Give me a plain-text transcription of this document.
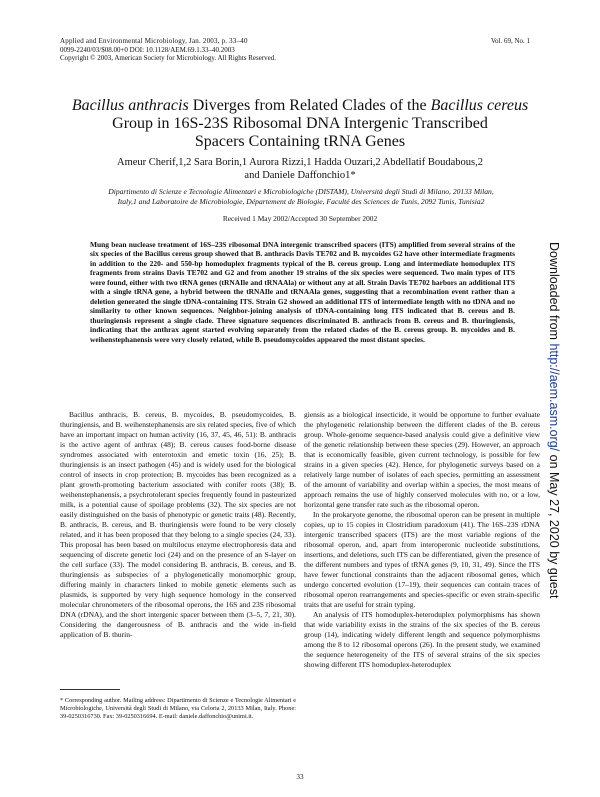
Applied and Environmental Microbiology, Jan. 2003, p. 33–40
0099-2240/03/$08.00+0 DOI: 10.1128/AEM.69.1.33–40.2003
Copyright © 2003, American Society for Microbiology. All Rights Reserved.
Vol. 69, No. 1
Bacillus anthracis Diverges from Related Clades of the Bacillus cereus
Group in 16S-23S Ribosomal DNA Intergenic Transcribed
Spacers Containing tRNA Genes
Ameur Cherif,1,2 Sara Borin,1 Aurora Rizzi,1 Hadda Ouzari,2 Abdellatif Boudabous,2
and Daniele Daffonchio1*
Dipartimento di Scienze e Tecnologie Alimentari e Microbiologiche (DISTAM), Università degli Studi di Milano, 20133 Milan,
Italy,1 and Laboratoire de Microbiologie, Département de Biologie, Faculté des Sciences de Tunis, 2092 Tunis, Tunisia2
Received 1 May 2002/Accepted 30 September 2002
Mung bean nuclease treatment of 16S–23S ribosomal DNA intergenic transcribed spacers (ITS) amplified from several strains of the six species of the Bacillus cereus group showed that B. anthracis Davis TE702 and B. mycoides G2 have other intermediate fragments in addition to the 220- and 550-bp homoduplex fragments typical of the B. cereus group. Long and intermediate homoduplex ITS fragments from strains Davis TE702 and G2 and from another 19 strains of the six species were sequenced. Two main types of ITS were found, either with two tRNA genes (tRNAIle and tRNAAla) or without any at all. Strain Davis TE702 harbors an additional ITS with a single tRNA gene, a hybrid between the tRNAIle and tRNAAla genes, suggesting that a recombination event rather than a deletion generated the single tDNA-containing ITS. Strain G2 showed an additional ITS of intermediate length with no tDNA and no similarity to other known sequences. Neighbor-joining analysis of tDNA-containing long ITS indicated that B. cereus and B. thuringiensis represent a single clade. Three signature sequences discriminated B. anthracis from B. cereus and B. thuringiensis, indicating that the anthrax agent started evolving separately from the related clades of the B. cereus group. B. mycoides and B. weihenstephanensis were very closely related, while B. pseudomycoides appeared the most distant species.

Bacillus anthracis, B. cereus, B. mycoides, B. pseudomycoides, B. thuringiensis, and B. weihenstephanensis are six related species, five of which have an important impact on human activity (16, 37, 45, 46, 51): B. anthracis is the active agent of anthrax (48); B. cereus causes food-borne disease syndromes associated with enterotoxin and emetic toxin (16, 25); B. thuringiensis is an insect pathogen (45) and is widely used for the biological control of insects in crop protection; B. mycoides has been recognized as a plant growth-promoting bacterium associated with conifer roots (38); B. weihenstephanensis, a psychrotolerant species frequently found in pasteurized milk, is a potential cause of spoilage problems (32). The six species are not easily distinguished on the basis of phenotypic or genetic traits (48). Recently, B. anthracis, B. cereus, and B. thuringiensis were found to be very closely related, and it has been proposed that they belong to a single species (24, 33). This proposal has been based on multilocus enzyme electrophoresis data and sequencing of discrete genetic loci (24) and on the presence of an S-layer on the cell surface (33). The model considering B. anthracis, B. cereus, and B. thuringiensis as subspecies of a phylogenetically monomorphic group, differing mainly in characters linked to mobile genetic elements such as plasmids, is supported by very high sequence homology in the conserved molecular chronometers of the ribosomal operons, the 16S and 23S ribosomal DNA (rDNA), and the short intergenic spacer between them (3–5, 7, 21, 30). Considering the dangerousness of B. anthracis and the wide in-field application of B. thurin-

giensis as a biological insecticide, it would be opportune to further evaluate the phylogenetic relationship between the different clades of the B. cereus group. Whole-genome sequence-based analysis could give a definitive view of the genetic relationship between these species (29). However, an approach that is economically feasible, given current technology, is possible for few strains in a given species (42). Hence, for phylogenetic surveys based on a relatively large number of isolates of each species, permitting an assessment of the amount of variability and overlap within a species, the most means of approach remains the use of highly conserved molecules with no, or a low, horizontal gene transfer rate such as the ribosomal operon.

In the prokaryote genome, the ribosomal operon can be present in multiple copies, up to 15 copies in Clostridium paradoxum (41). The 16S–23S rDNA intergenic transcribed spacers (ITS) are the most variable regions of the ribosomal operon, and, apart from interoperonic nucleotide substitutions, insertions, and deletions, such ITS can be differentiated, given the presence of the different numbers and types of tRNA genes (9, 10, 31, 49). Since the ITS have fewer functional constraints than the adjacent ribosomal genes, which undergo concerted evolution (17–19), their sequences can contain traces of ribosomal operon rearrangements and species-specific or even strain-specific traits that are useful for strain typing.

An analysis of ITS homoduplex-heteroduplex polymorphisms has shown that wide variability exists in the strains of the six species of the B. cereus group (14), indicating widely different length and sequence polymorphisms among the 8 to 12 ribosomal operons (26). In the present study, we examined the sequence heterogeneity of the ITS of several strains of the six species showing different ITS homoduplex-heteroduplex

* Corresponding author. Mailing address: Dipartimento di Scienze e Tecnologie Alimentari e Microbiologiche, Università degli Studi di Milano, via Celoria 2, 20133 Milan, Italy. Phone: 39-0250316730. Fax: 39-0250316694. E-mail: daniele.daffonchio@unimi.it.
33
Downloaded from http://aem.asm.org/ on May 27, 2020 by guest
